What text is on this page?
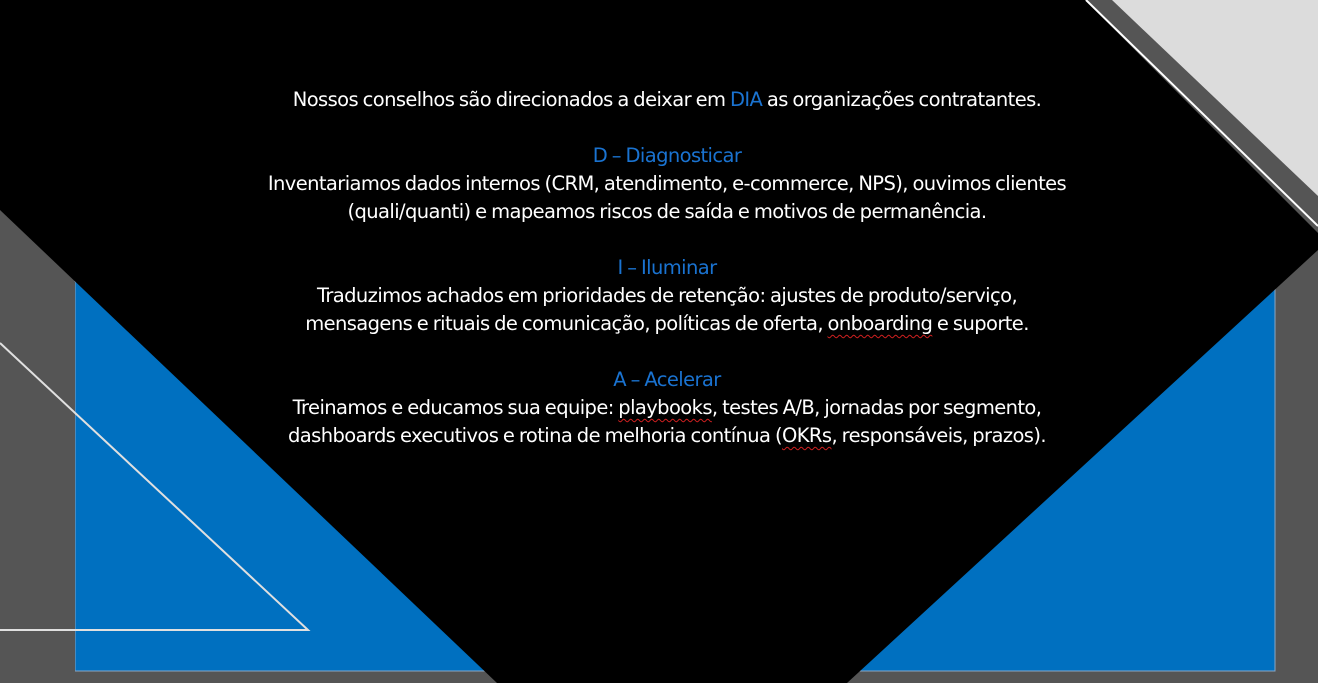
Nossos conselhos são direcionados a deixar em DIA as organizações contratantes.

D – Diagnosticar

Inventariamos dados internos (CRM, atendimento, e-commerce, NPS), ouvimos clientes

(quali/quanti) e mapeamos riscos de saída e motivos de permanência.

I – Iluminar

Traduzimos achados em prioridades de retenção: ajustes de produto/serviço,

mensagens e rituais de comunicação, políticas de oferta, onboarding e suporte.

A – Acelerar

Treinamos e educamos sua equipe: playbooks, testes A/B, jornadas por segmento,

dashboards executivos e rotina de melhoria contínua (OKRs, responsáveis, prazos).
